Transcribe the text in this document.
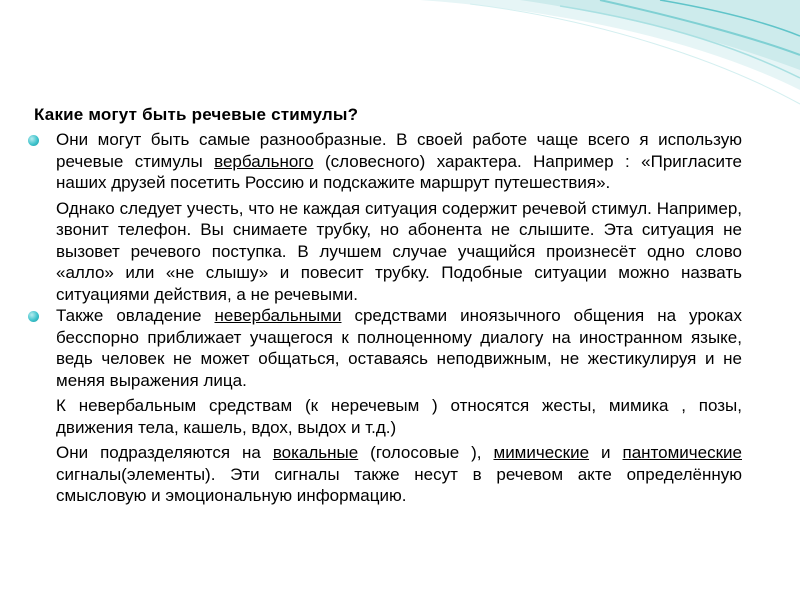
Какие могут быть речевые стимулы?

Они могут быть самые разнообразные. В своей работе чаще всего я использую речевые стимулы вербального (словесного) характера. Например : «Пригласите наших друзей посетить Россию и подскажите маршрут путешествия».

Однако следует учесть, что не каждая ситуация содержит речевой стимул. Например, звонит телефон. Вы снимаете трубку, но абонента не слышите. Эта ситуация не вызовет речевого поступка. В лучшем случае учащийся произнесёт одно слово «алло» или «не слышу» и повесит трубку. Подобные ситуации можно назвать ситуациями действия, а не речевыми.

Также овладение невербальными средствами иноязычного общения на уроках бесспорно приближает учащегося к полноценному диалогу на иностранном языке, ведь человек не может общаться, оставаясь неподвижным, не жестикулируя и не меняя выражения лица.

К невербальным средствам (к неречевым ) относятся жесты, мимика , позы, движения тела, кашель, вдох, выдох и т.д.)

Они подразделяются на вокальные (голосовые ), мимические и пантомические сигналы(элементы). Эти сигналы также несут в речевом акте определённую смысловую и эмоциональную информацию.
